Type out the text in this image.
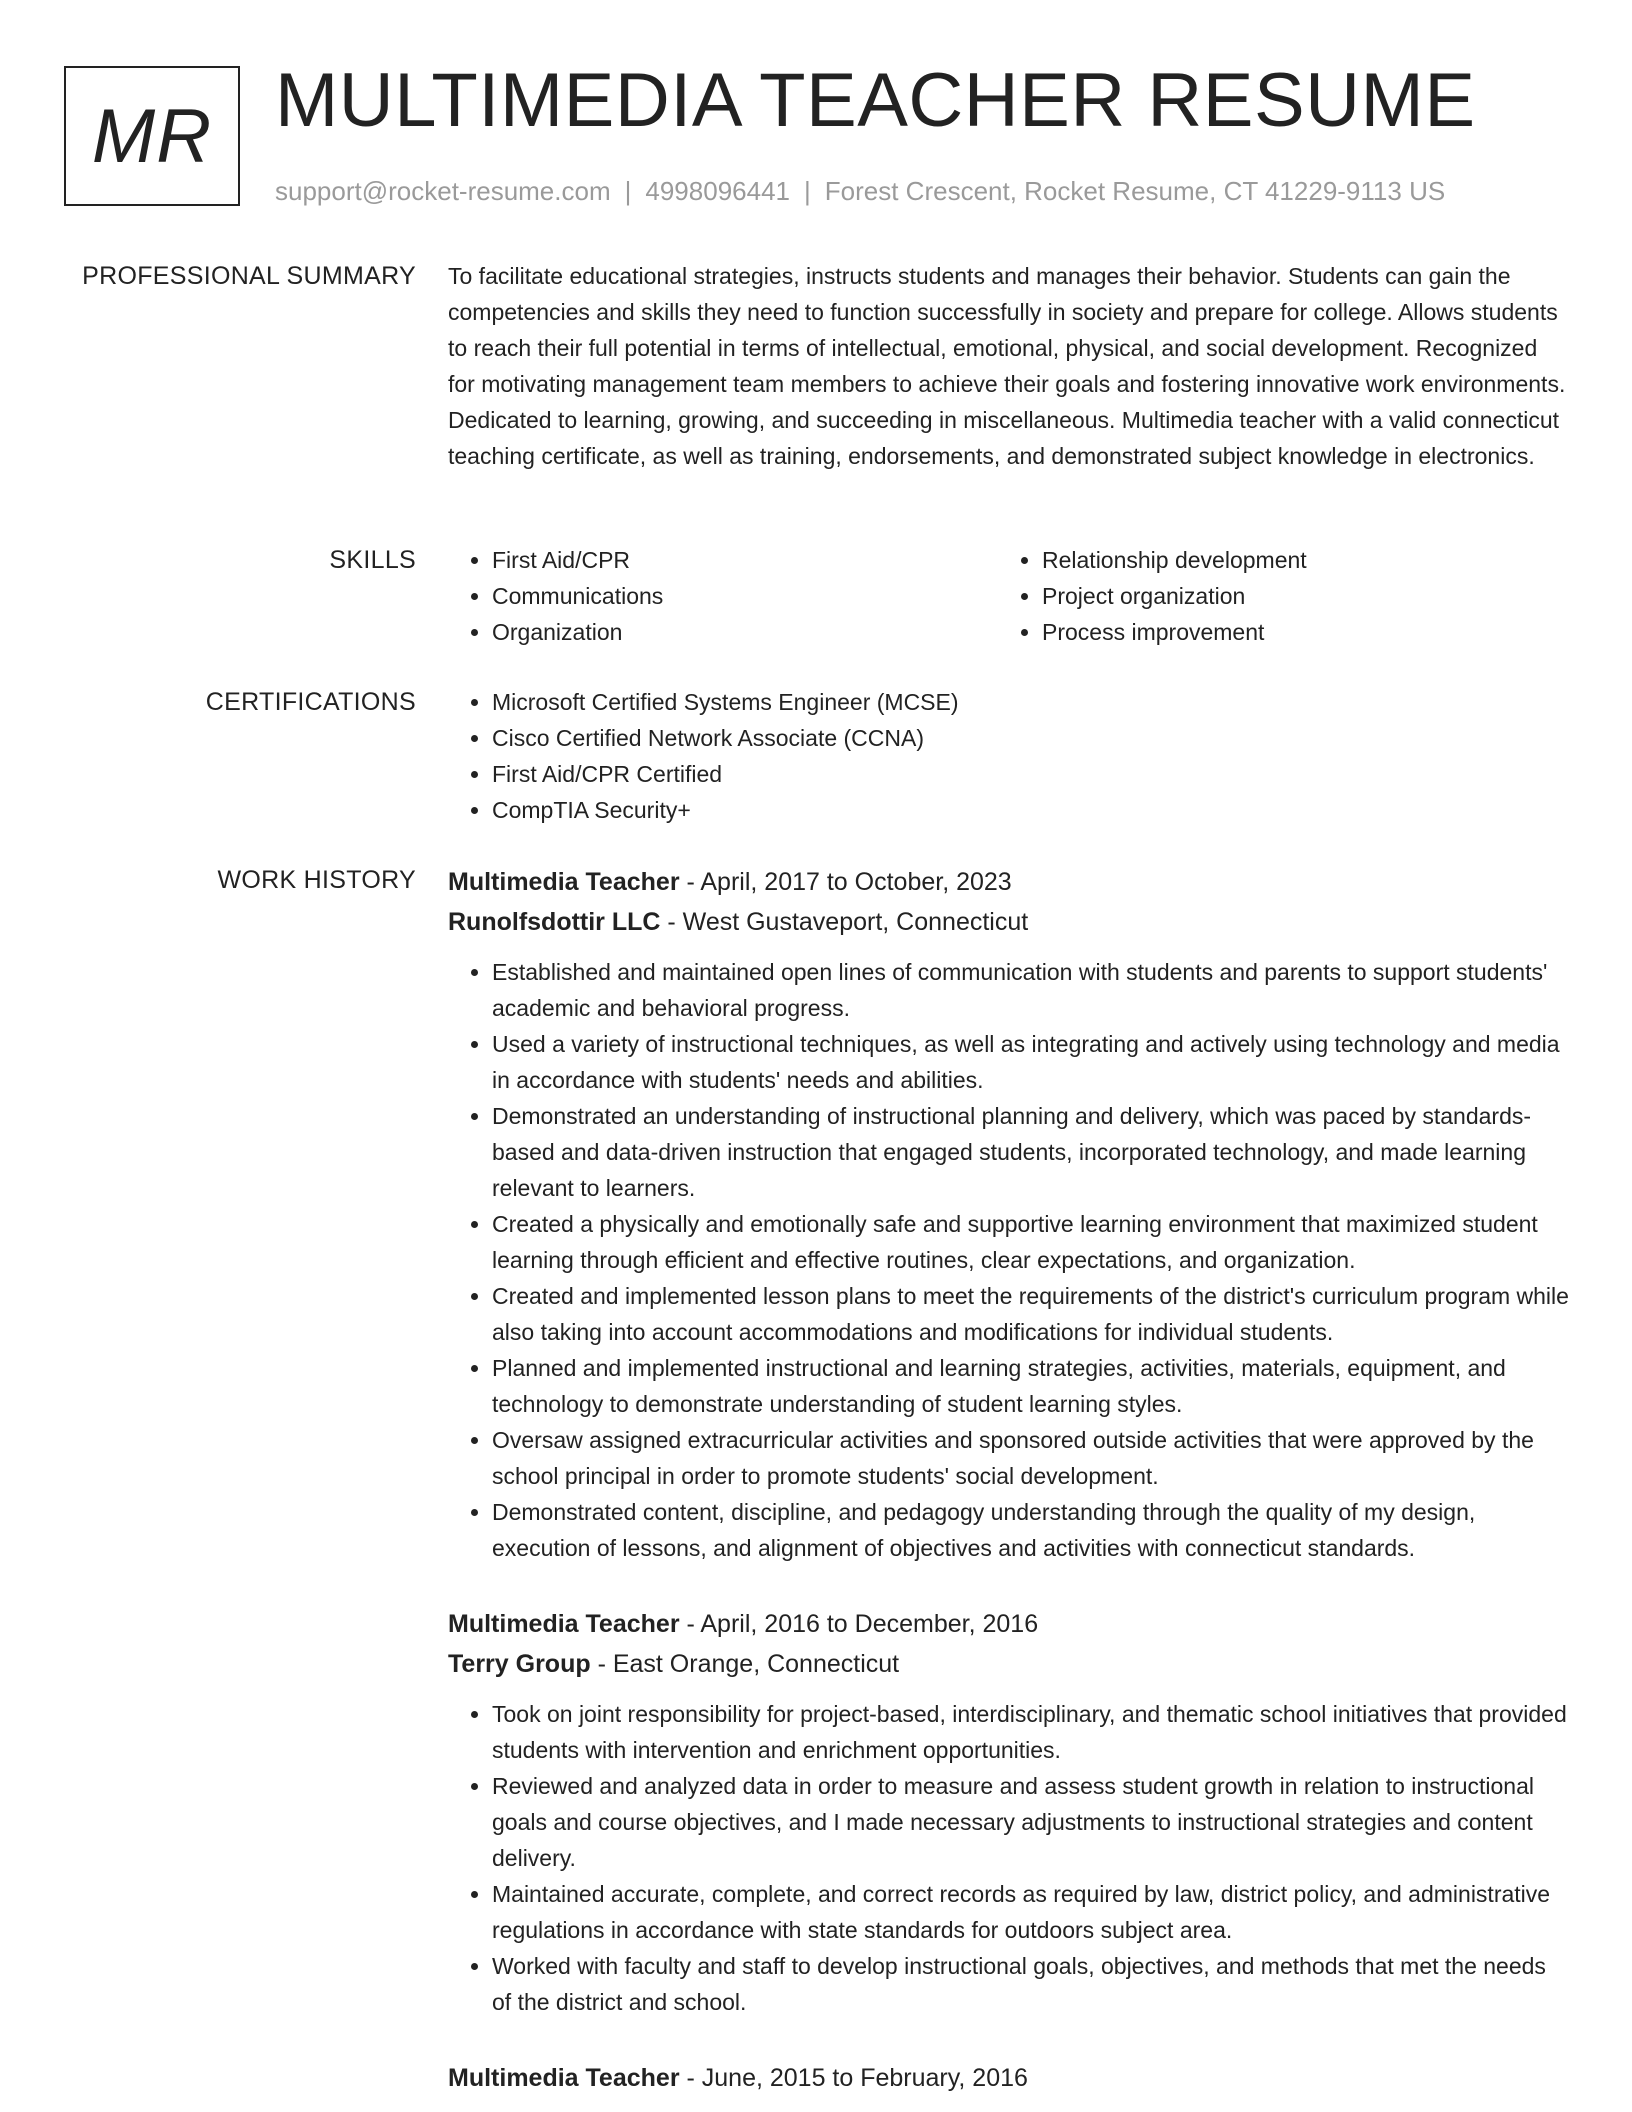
MR MULTIMEDIA TEACHER RESUME
support@rocket-resume.com | 4998096441 | Forest Crescent, Rocket Resume, CT 41229-9113 US
PROFESSIONAL SUMMARY To facilitate educational strategies, instructs students and manages their behavior. Students can gain the competencies and skills they need to function successfully in society and prepare for college. Allows students to reach their full potential in terms of intellectual, emotional, physical, and social development. Recognized for motivating management team members to achieve their goals and fostering innovative work environments. Dedicated to learning, growing, and succeeding in miscellaneous. Multimedia teacher with a valid connecticut teaching certificate, as well as training, endorsements, and demonstrated subject knowledge in electronics.

SKILLS	• First Aid/CPR
• Communications
• Organization
• Relationship development
• Project organization
• Process improvement
CERTIFICATIONS	• Microsoft Certified Systems Engineer (MCSE)
• Cisco Certified Network Associate (CCNA)
• First Aid/CPR Certified
• CompTIA Security+
WORK HISTORY Multimedia Teacher - April, 2017 to October, 2023
Runolfsdottir LLC - West Gustaveport, Connecticut
• Established and maintained open lines of communication with students and parents to support students' academic and behavioral progress.
• Used a variety of instructional techniques, as well as integrating and actively using technology and media in accordance with students' needs and abilities.
• Demonstrated an understanding of instructional planning and delivery, which was paced by standards-based and data-driven instruction that engaged students, incorporated technology, and made learning relevant to learners.
• Created a physically and emotionally safe and supportive learning environment that maximized student learning through efficient and effective routines, clear expectations, and organization.
• Created and implemented lesson plans to meet the requirements of the district's curriculum program while also taking into account accommodations and modifications for individual students.
• Planned and implemented instructional and learning strategies, activities, materials, equipment, and technology to demonstrate understanding of student learning styles.
• Oversaw assigned extracurricular activities and sponsored outside activities that were approved by the school principal in order to promote students' social development.
• Demonstrated content, discipline, and pedagogy understanding through the quality of my design, execution of lessons, and alignment of objectives and activities with connecticut standards.
Multimedia Teacher - April, 2016 to December, 2016
Terry Group - East Orange, Connecticut
• Took on joint responsibility for project-based, interdisciplinary, and thematic school initiatives that provided students with intervention and enrichment opportunities.
• Reviewed and analyzed data in order to measure and assess student growth in relation to instructional goals and course objectives, and I made necessary adjustments to instructional strategies and content delivery.
• Maintained accurate, complete, and correct records as required by law, district policy, and administrative regulations in accordance with state standards for outdoors subject area.
• Worked with faculty and staff to develop instructional goals, objectives, and methods that met the needs of the district and school.
Multimedia Teacher - June, 2015 to February, 2016
